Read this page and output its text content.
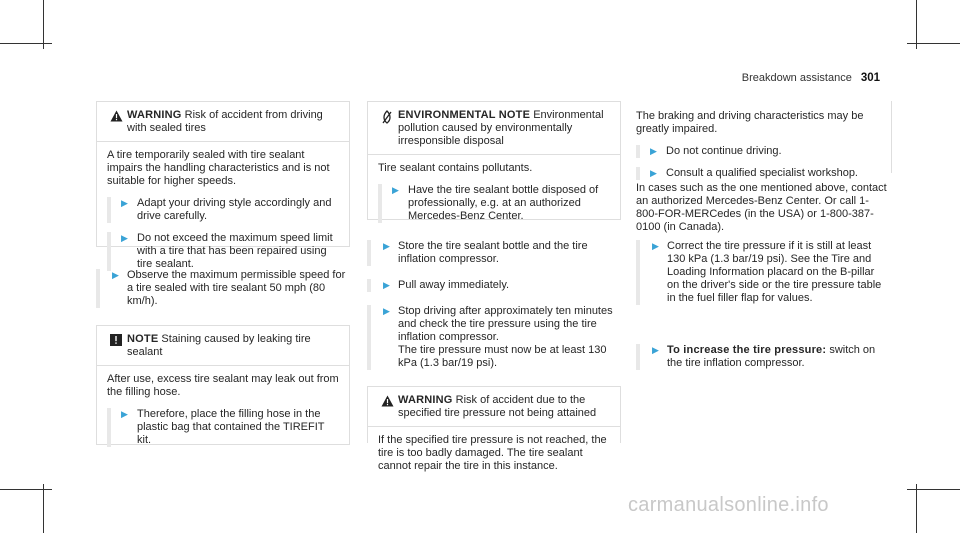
Breakdown assistance 301
WARNING Risk of accident from driving with sealed tires
A tire temporarily sealed with tire sealant impairs the handling characteristics and is not suitable for higher speeds.
▶ Adapt your driving style accordingly and drive carefully.
▶ Do not exceed the maximum speed limit with a tire that has been repaired using tire sealant.
▶ Observe the maximum permissible speed for a tire sealed with tire sealant 50 mph (80 km/h).
NOTE Staining caused by leaking tire sealant
After use, excess tire sealant may leak out from the filling hose.
▶ Therefore, place the filling hose in the plastic bag that contained the TIREFIT kit.
ENVIRONMENTAL NOTE Environmental pollution caused by environmentally irresponsible disposal
Tire sealant contains pollutants.
▶ Have the tire sealant bottle disposed of professionally, e.g. at an authorized Mercedes-Benz Center.
▶ Store the tire sealant bottle and the tire inflation compressor.
▶ Pull away immediately.
▶ Stop driving after approximately ten minutes and check the tire pressure using the tire inflation compressor.
The tire pressure must now be at least 130 kPa (1.3 bar/19 psi).
WARNING Risk of accident due to the specified tire pressure not being attained
If the specified tire pressure is not reached, the tire is too badly damaged. The tire sealant cannot repair the tire in this instance.
The braking and driving characteristics may be greatly impaired.
▶ Do not continue driving.
▶ Consult a qualified specialist workshop.
In cases such as the one mentioned above, contact an authorized Mercedes-Benz Center. Or call 1-800-FOR-MERCedes (in the USA) or 1-800-387-0100 (in Canada).
▶ Correct the tire pressure if it is still at least 130 kPa (1.3 bar/19 psi). See the Tire and Loading Information placard on the B-pillar on the driver's side or the tire pressure table in the fuel filler flap for values.
▶ To increase the tire pressure: switch on the tire inflation compressor.
carmanualsonline.info
